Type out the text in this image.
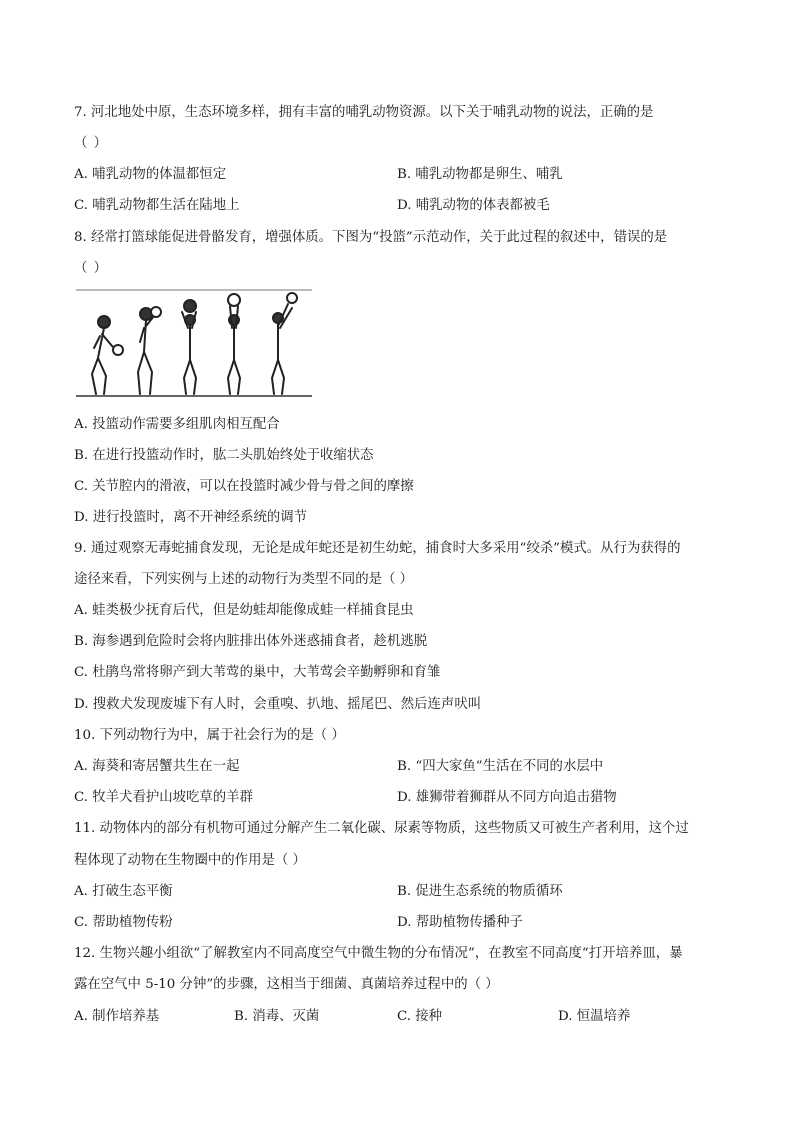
7. 河北地处中原，生态环境多样，拥有丰富的哺乳动物资源。以下关于哺乳动物的说法，正确的是
（ ）
A. 哺乳动物的体温都恒定	B. 哺乳动物都是卵生、哺乳
C. 哺乳动物都生活在陆地上	D. 哺乳动物的体表都被毛
8. 经常打篮球能促进骨骼发育，增强体质。下图为“投篮”示范动作，关于此过程的叙述中，错误的是
（ ）
A. 投篮动作需要多组肌肉相互配合
B. 在进行投篮动作时，肱二头肌始终处于收缩状态
C. 关节腔内的滑液，可以在投篮时减少骨与骨之间的摩擦
D. 进行投篮时，离不开神经系统的调节
9. 通过观察无毒蛇捕食发现，无论是成年蛇还是初生幼蛇，捕食时大多采用“绞杀”模式。从行为获得的
途径来看，下列实例与上述的动物行为类型不同的是（ ）
A. 蛙类极少抚育后代，但是幼蛙却能像成蛙一样捕食昆虫
B. 海参遇到危险时会将内脏排出体外迷惑捕食者，趁机逃脱
C. 杜鹃鸟常将卵产到大苇莺的巢中，大苇莺会辛勤孵卵和育雏
D. 搜救犬发现废墟下有人时，会重嗅、扒地、摇尾巴、然后连声吠叫
10. 下列动物行为中，属于社会行为的是（ ）
A. 海葵和寄居蟹共生在一起	B. “四大家鱼”生活在不同的水层中
C. 牧羊犬看护山坡吃草的羊群	D. 雄狮带着狮群从不同方向追击猎物
11. 动物体内的部分有机物可通过分解产生二氧化碳、尿素等物质，这些物质又可被生产者利用，这个过
程体现了动物在生物圈中的作用是（ ）
A. 打破生态平衡	B. 促进生态系统的物质循环
C. 帮助植物传粉	D. 帮助植物传播种子
12. 生物兴趣小组欲“了解教室内不同高度空气中微生物的分布情况”，在教室不同高度“打开培养皿，暴
露在空气中 5-10 分钟”的步骤，这相当于细菌、真菌培养过程中的（ ）
A. 制作培养基	B. 消毒、灭菌	C. 接种	D. 恒温培养
